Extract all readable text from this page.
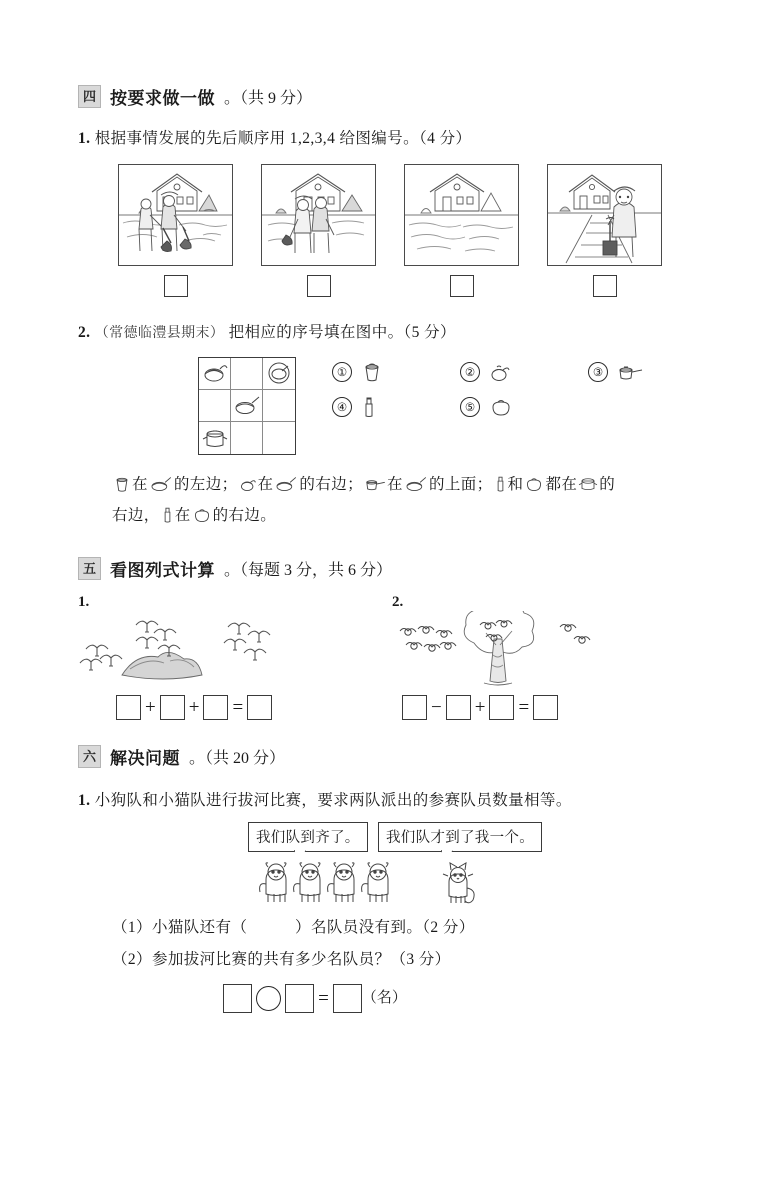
四 按要求做一做 。（共 9 分）
1. 根据事情发展的先后顺序用 1,2,3,4 给图编号。（4 分）
2. （常德临澧县期末） 把相应的序号填在图中。（5 分）
①	②	③
④	⑤
在 的左边； 在 的右边； 在 的上面； 和 都在 的
右边， 在 的右边。
五 看图列式计算 。（每题 3 分，共 6 分）
1.
+ + =
2.
− + =
六 解决问题 。（共 20 分）
1. 小狗队和小猫队进行拔河比赛，要求两队派出的参赛队员数量相等。
我们队到齐了。	我们队才到了我一个。
（1）小猫队还有（　　　）名队员没有到。（2 分）
（2）参加拔河比赛的共有多少名队员？（3 分）
= （名）
